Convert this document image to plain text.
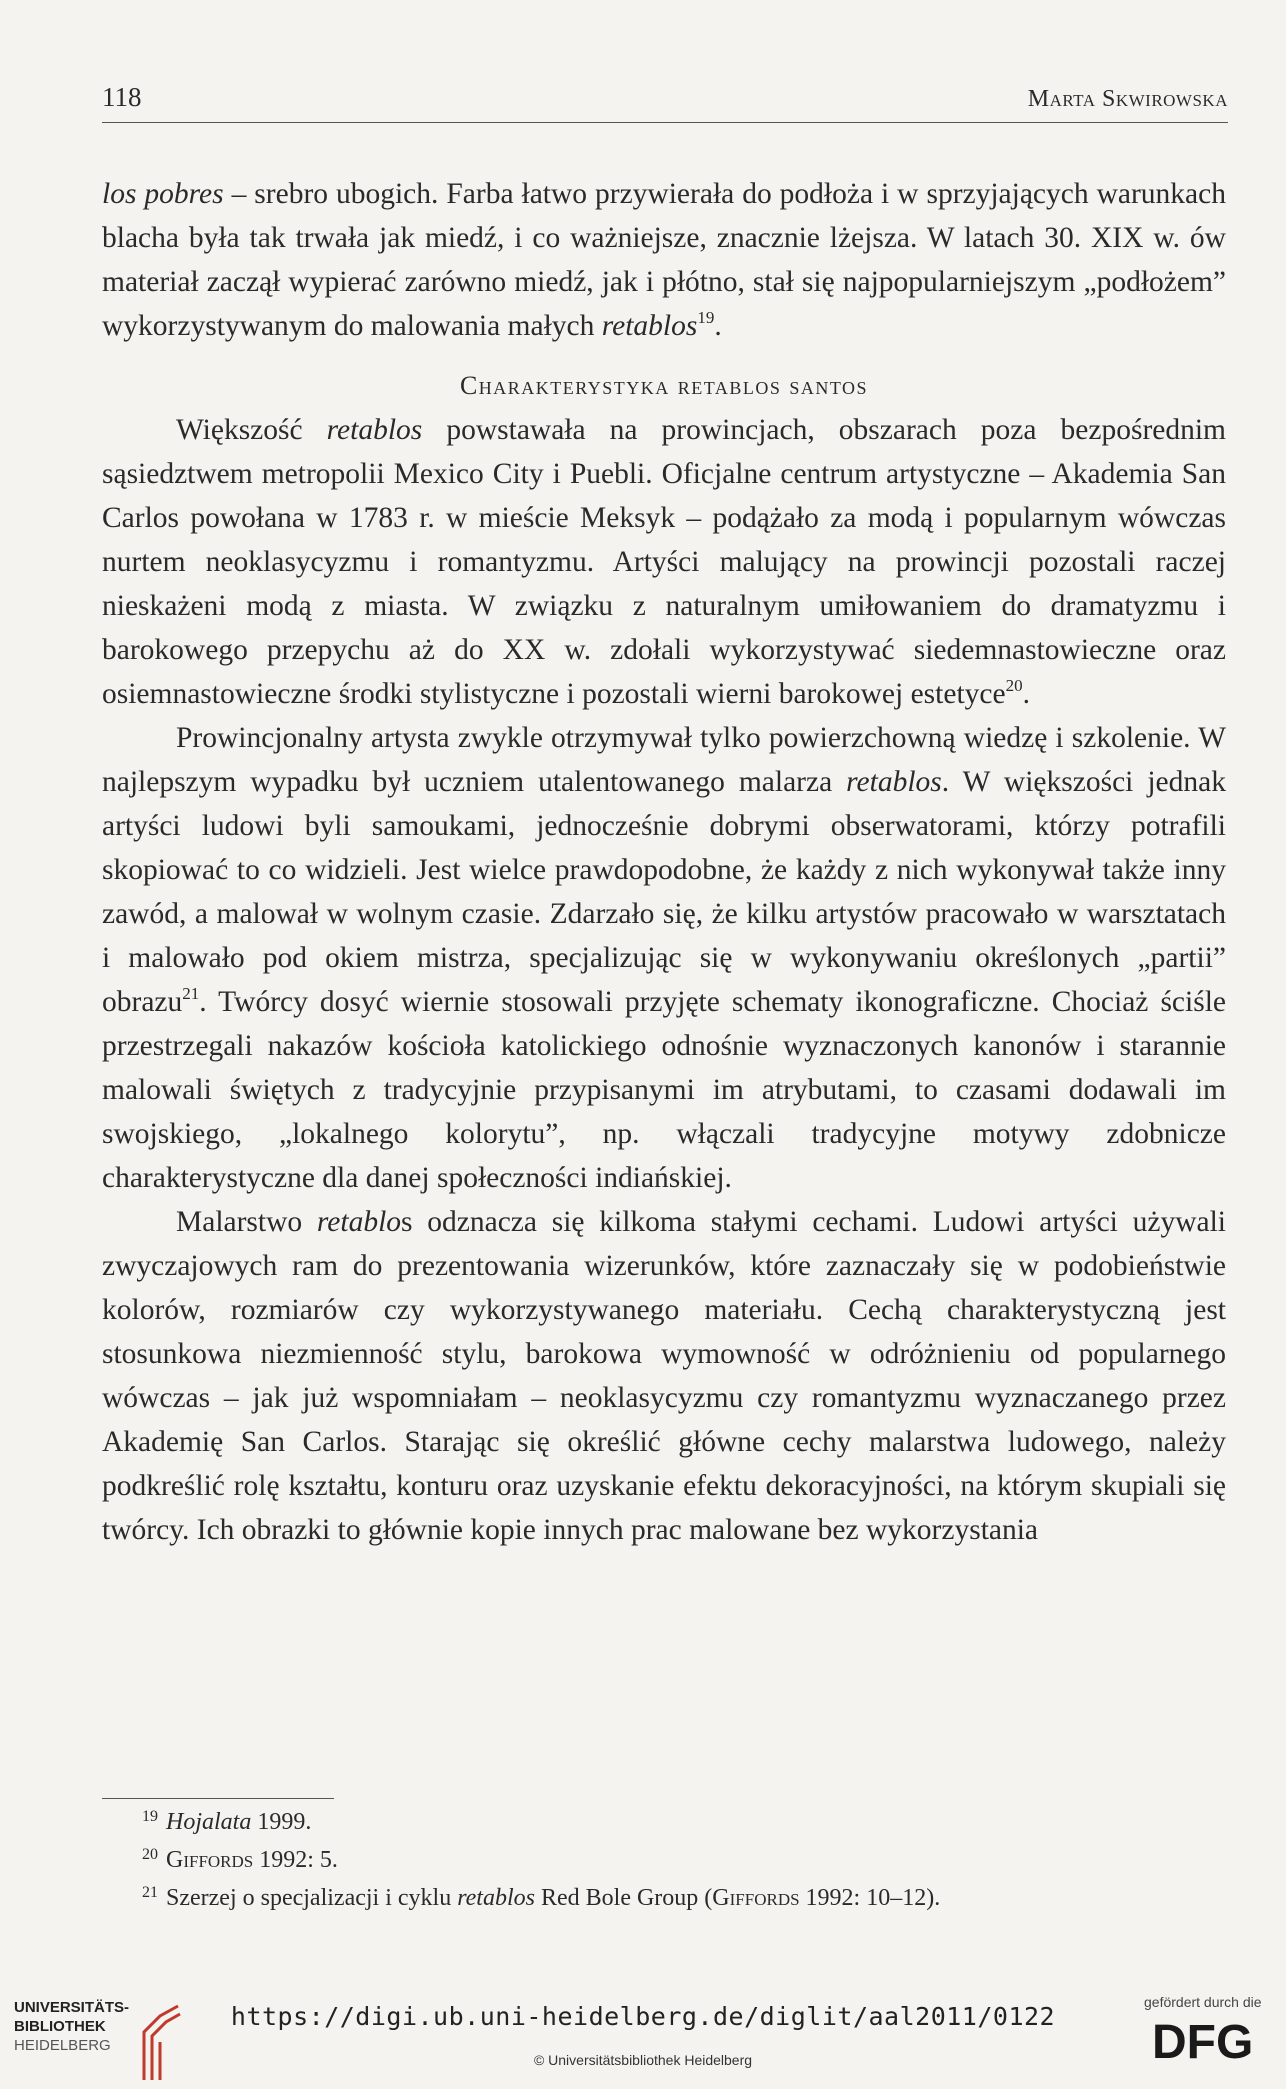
118	Marta Skwirowska

los pobres – srebro ubogich. Farba łatwo przywierała do podłoża i w sprzyjających warunkach blacha była tak trwała jak miedź, i co ważniejsze, znacznie lżejsza. W latach 30. XIX w. ów materiał zaczął wypierać zarówno miedź, jak i płótno, stał się najpopularniejszym „podłożem” wykorzystywanym do malowania małych retablos$^{19}$.

Charakterystyka retablos santos

Większość retablos powstawała na prowincjach, obszarach poza bezpośrednim sąsiedztwem metropolii Mexico City i Puebli. Oficjalne centrum artystyczne – Akademia San Carlos powołana w 1783 r. w mieście Meksyk – podążało za modą i popularnym wówczas nurtem neoklasycyzmu i romantyzmu. Artyści malujący na prowincji pozostali raczej nieskażeni modą z miasta. W związku z naturalnym umiłowaniem do dramatyzmu i barokowego przepychu aż do XX w. zdołali wykorzystywać siedemnastowieczne oraz osiemnastowieczne środki stylistyczne i pozostali wierni barokowej estetyce$^{20}$.

Prowincjonalny artysta zwykle otrzymywał tylko powierzchowną wiedzę i szkolenie. W najlepszym wypadku był uczniem utalentowanego malarza retablos. W większości jednak artyści ludowi byli samoukami, jednocześnie dobrymi obserwatorami, którzy potrafili skopiować to co widzieli. Jest wielce prawdopodobne, że każdy z nich wykonywał także inny zawód, a malował w wolnym czasie. Zdarzało się, że kilku artystów pracowało w warsztatach i malowało pod okiem mistrza, specjalizując się w wykonywaniu określonych „partii” obrazu$^{21}$. Twórcy dosyć wiernie stosowali przyjęte schematy ikonograficzne. Chociaż ściśle przestrzegali nakazów kościoła katolickiego odnośnie wyznaczonych kanonów i starannie malowali świętych z tradycyjnie przypisanymi im atrybutami, to czasami dodawali im swojskiego, „lokalnego kolorytu”, np. włączali tradycyjne motywy zdobnicze charakterystyczne dla danej społeczności indiańskiej.

Malarstwo retablos odznacza się kilkoma stałymi cechami. Ludowi artyści używali zwyczajowych ram do prezentowania wizerunków, które zaznaczały się w podobieństwie kolorów, rozmiarów czy wykorzystywanego materiału. Cechą charakterystyczną jest stosunkowa niezmienność stylu, barokowa wymowność w odróżnieniu od popularnego wówczas – jak już wspomniałam – neoklasycyzmu czy romantyzmu wyznaczanego przez Akademię San Carlos. Starając się określić główne cechy malarstwa ludowego, należy podkreślić rolę kształtu, konturu oraz uzyskanie efektu dekoracyjności, na którym skupiali się twórcy. Ich obrazki to głównie kopie innych prac malowane bez wykorzystania

19 Hojalata 1999.
20 Giffords 1992: 5.
21 Szerzej o specjalizacji i cyklu retablos Red Bole Group (Giffords 1992: 10–12).
UNIVERSITÄTS-
BIBLIOTHEK
HEIDELBERG
https://digi.ub.uni-heidelberg.de/diglit/aal2011/0122
© Universitätsbibliothek Heidelberg
gefördert durch die
DFG
